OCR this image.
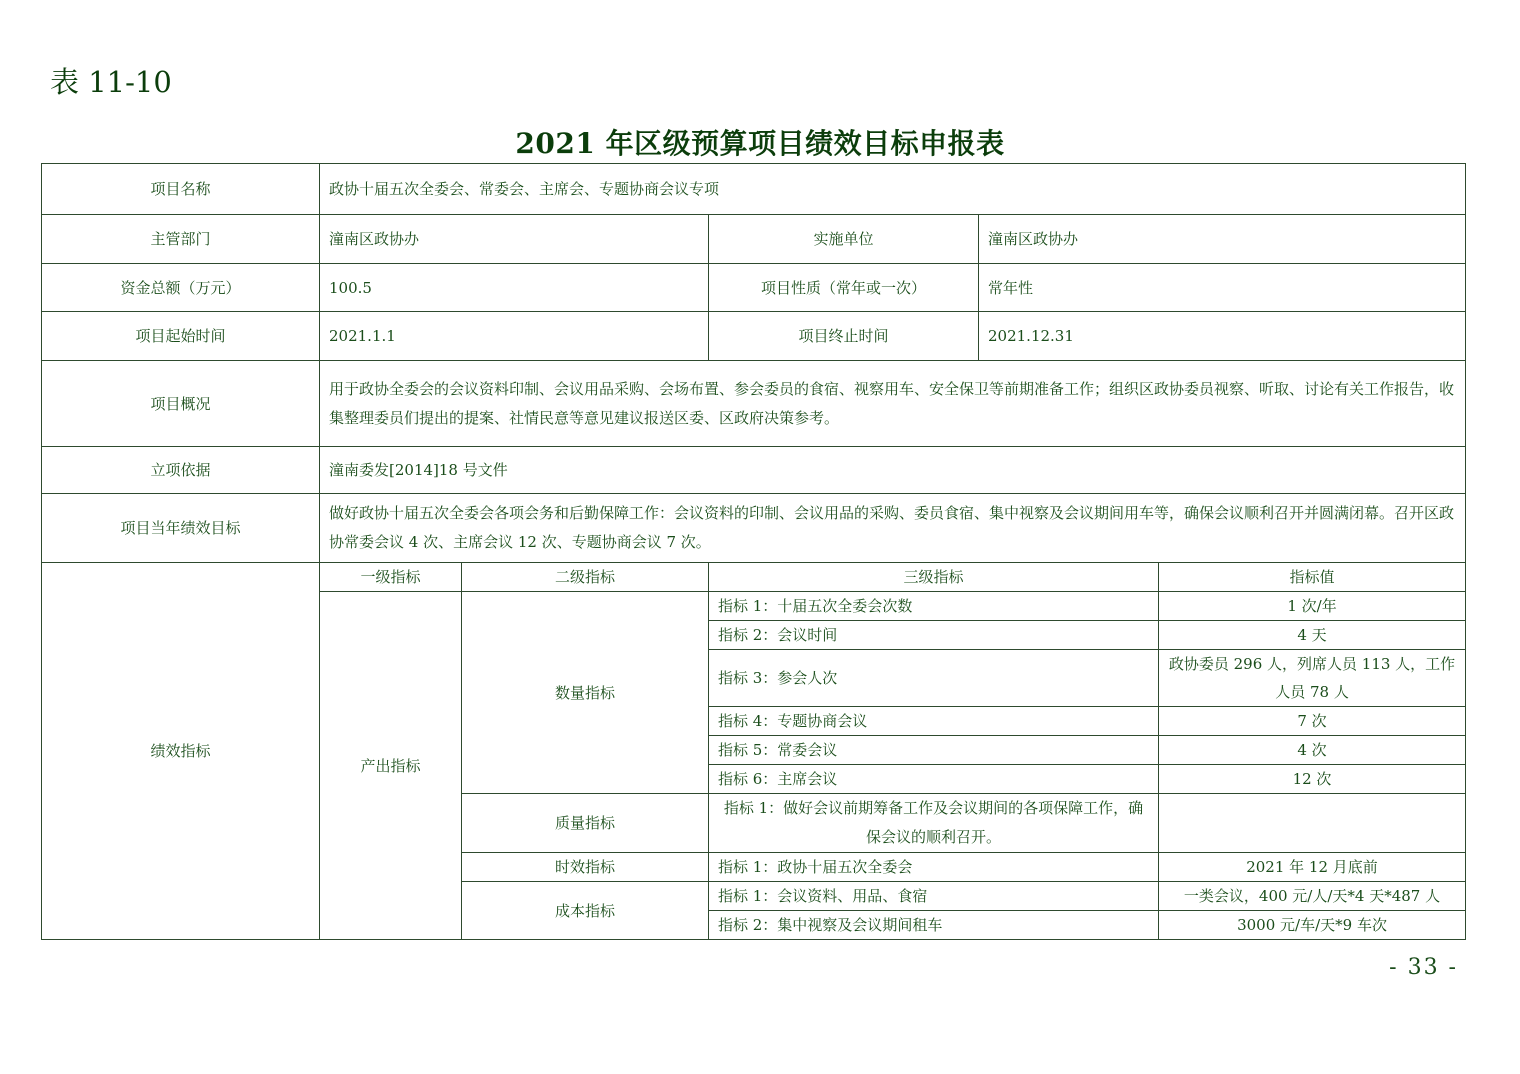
表 11-10
2021 年区级预算项目绩效目标申报表
项目名称	政协十届五次全委会、常委会、主席会、专题协商会议专项				
主管部门	潼南区政协办		实施单位	潼南区政协办	
资金总额（万元）	100.5		项目性质（常年或一次）	常年性	
项目起始时间	2021.1.1		项目终止时间	2021.12.31	
项目概况	用于政协全委会的会议资料印制、会议用品采购、会场布置、参会委员的食宿、视察用车、安全保卫等前期准备工作；组织区政协委员视察、听取、讨论有关工作报告，收集整理委员们提出的提案、社情民意等意见建议报送区委、区政府决策参考。				
立项依据	潼南委发[2014]18 号文件				
项目当年绩效目标	做好政协十届五次全委会各项会务和后勤保障工作：会议资料的印制、会议用品的采购、委员食宿、集中视察及会议期间用车等，确保会议顺利召开并圆满闭幕。召开区政协常委会议 4 次、主席会议 12 次、专题协商会议 7 次。				
绩效指标	一级指标	二级指标	三级指标		指标值
	产出指标	数量指标	指标 1：十届五次全委会次数		1 次/年
			指标 2：会议时间		4 天
			指标 3：参会人次		政协委员 296 人，列席人员 113 人，工作人员 78 人
			指标 4：专题协商会议		7 次
			指标 5：常委会议		4 次
			指标 6：主席会议		12 次
		质量指标	指标 1：做好会议前期筹备工作及会议期间的各项保障工作，确保会议的顺利召开。		
		时效指标	指标 1：政协十届五次全委会		2021 年 12 月底前
		成本指标	指标 1：会议资料、用品、食宿		一类会议，400 元/人/天*4 天*487 人
			指标 2：集中视察及会议期间租车		3000 元/车/天*9 车次
- 33 -
